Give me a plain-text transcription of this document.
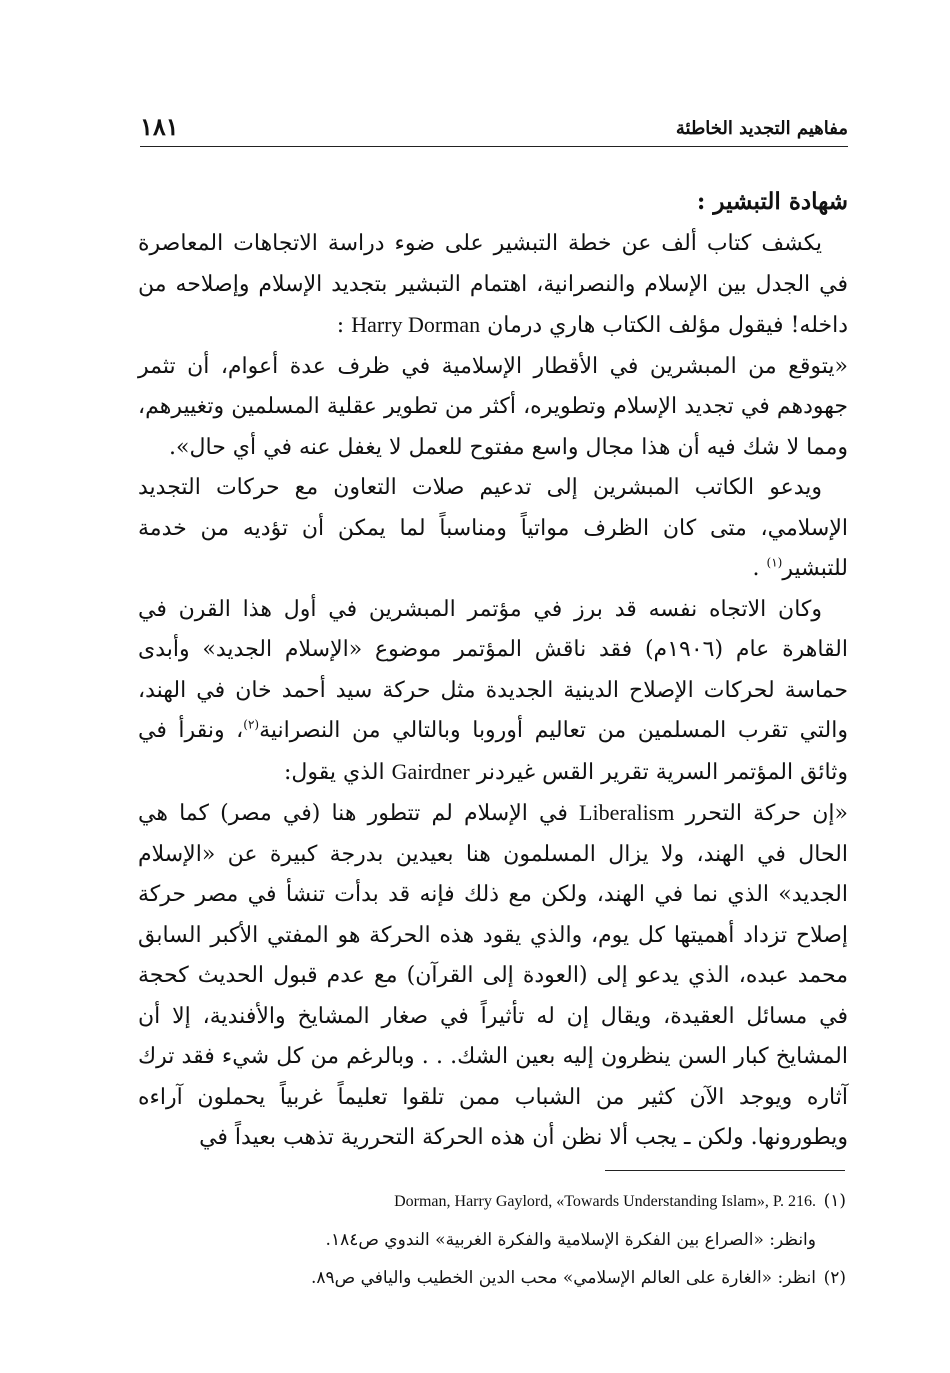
١٨١	مفاهيم التجديد الخاطئة

شهادة التبشير :

يكشف كتاب ألف عن خطة التبشير على ضوء دراسة الاتجاهات المعاصرة في الجدل بين الإسلام والنصرانية، اهتمام التبشير بتجديد الإسلام وإصلاحه من داخله! فيقول مؤلف الكتاب هاري درمان Harry Dorman :

«يتوقع من المبشرين في الأقطار الإسلامية في ظرف عدة أعوام، أن تثمر جهودهم في تجديد الإسلام وتطويره، أكثر من تطوير عقلية المسلمين وتغييرهم، ومما لا شك فيه أن هذا مجال واسع مفتوح للعمل لا يغفل عنه في أي حال».

ويدعو الكاتب المبشرين إلى تدعيم صلات التعاون مع حركات التجديد الإسلامي، متى كان الظرف مواتياً ومناسباً لما يمكن أن تؤديه من خدمة للتبشير$^{(١)}$ .

وكان الاتجاه نفسه قد برز في مؤتمر المبشرين في أول هذا القرن في القاهرة عام (١٩٠٦م) فقد ناقش المؤتمر موضوع «الإسلام الجديد» وأبدى حماسة لحركات الإصلاح الدينية الجديدة مثل حركة سيد أحمد خان في الهند، والتي تقرب المسلمين من تعاليم أوروبا وبالتالي من النصرانية$^{(٢)}$، ونقرأ في وثائق المؤتمر السرية تقرير القس غيردنر Gairdner الذي يقول:

«إن حركة التحرر Liberalism في الإسلام لم تتطور هنا (في مصر) كما هي الحال في الهند، ولا يزال المسلمون هنا بعيدين بدرجة كبيرة عن «الإسلام الجديد» الذي نما في الهند، ولكن مع ذلك فإنه قد بدأت تنشأ في مصر حركة إصلاح تزداد أهميتها كل يوم، والذي يقود هذه الحركة هو المفتي الأكبر السابق محمد عبده، الذي يدعو إلى (العودة إلى القرآن) مع عدم قبول الحديث كحجة في مسائل العقيدة، ويقال إن له تأثيراً في صغار المشايخ والأفندية، إلا أن المشايخ كبار السن ينظرون إليه بعين الشك. . . وبالرغم من كل شيء فقد ترك آثاره ويوجد الآن كثير من الشباب ممن تلقوا تعليماً غربياً يحملون آراءه ويطورونها. ولكن ـ يجب ألا نظن أن هذه الحركة التحررية تذهب بعيداً في

(١)Dorman, Harry Gaylord, «Towards Understanding Islam», P. 216.

وانظر: «الصراع بين الفكرة الإسلامية والفكرة الغربية» الندوي ص١٨٤.

(٢)انظر: «الغارة على العالم الإسلامي» محب الدين الخطيب واليافي ص٨٩.
